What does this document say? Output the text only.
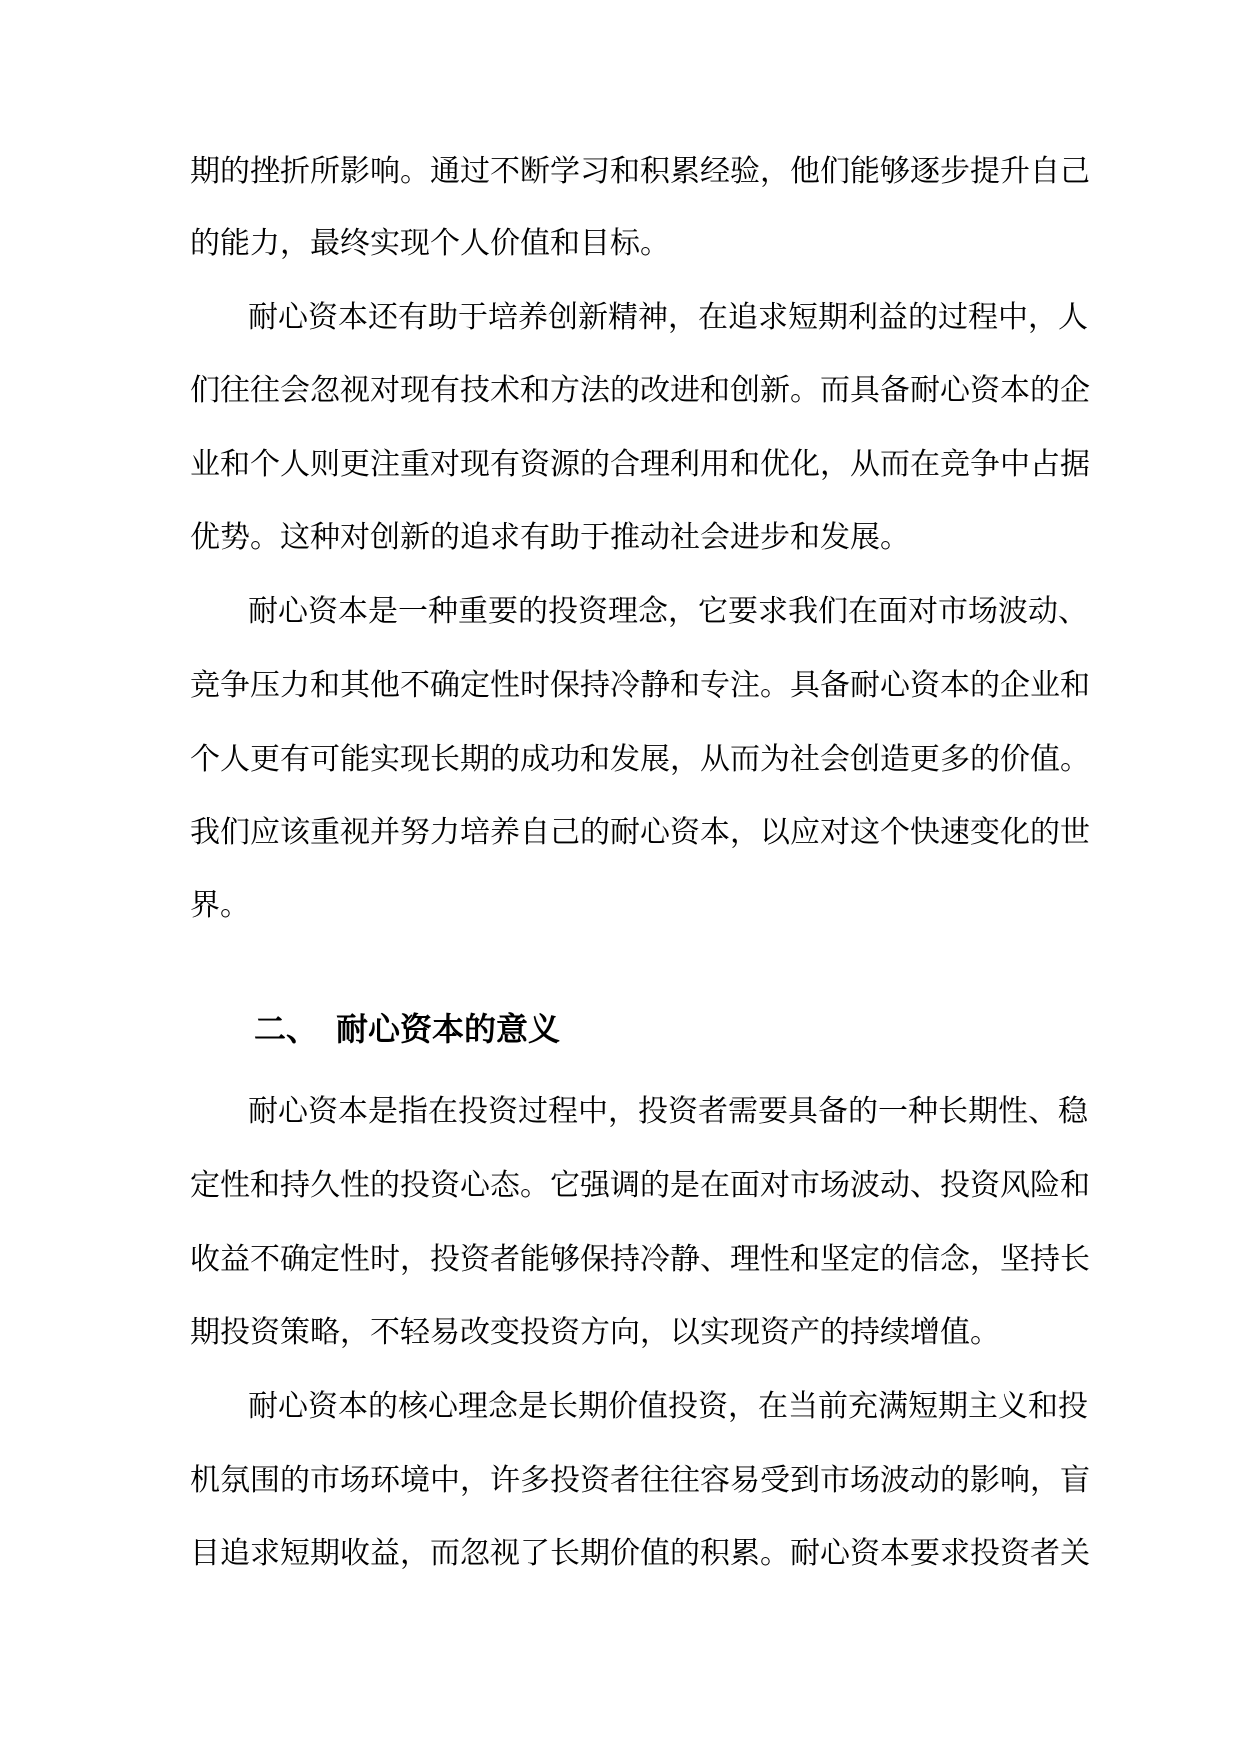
期的挫折所影响。通过不断学习和积累经验，他们能够逐步提升自己
的能力，最终实现个人价值和目标。
耐心资本还有助于培养创新精神，在追求短期利益的过程中，人
们往往会忽视对现有技术和方法的改进和创新。而具备耐心资本的企
业和个人则更注重对现有资源的合理利用和优化，从而在竞争中占据
优势。这种对创新的追求有助于推动社会进步和发展。
耐心资本是一种重要的投资理念，它要求我们在面对市场波动、
竞争压力和其他不确定性时保持冷静和专注。具备耐心资本的企业和
个人更有可能实现长期的成功和发展，从而为社会创造更多的价值。
我们应该重视并努力培养自己的耐心资本，以应对这个快速变化的世
界。
二、 耐心资本的意义
耐心资本是指在投资过程中，投资者需要具备的一种长期性、稳
定性和持久性的投资心态。它强调的是在面对市场波动、投资风险和
收益不确定性时，投资者能够保持冷静、理性和坚定的信念，坚持长
期投资策略，不轻易改变投资方向，以实现资产的持续增值。
耐心资本的核心理念是长期价值投资，在当前充满短期主义和投
机氛围的市场环境中，许多投资者往往容易受到市场波动的影响，盲
目追求短期收益，而忽视了长期价值的积累。耐心资本要求投资者关
